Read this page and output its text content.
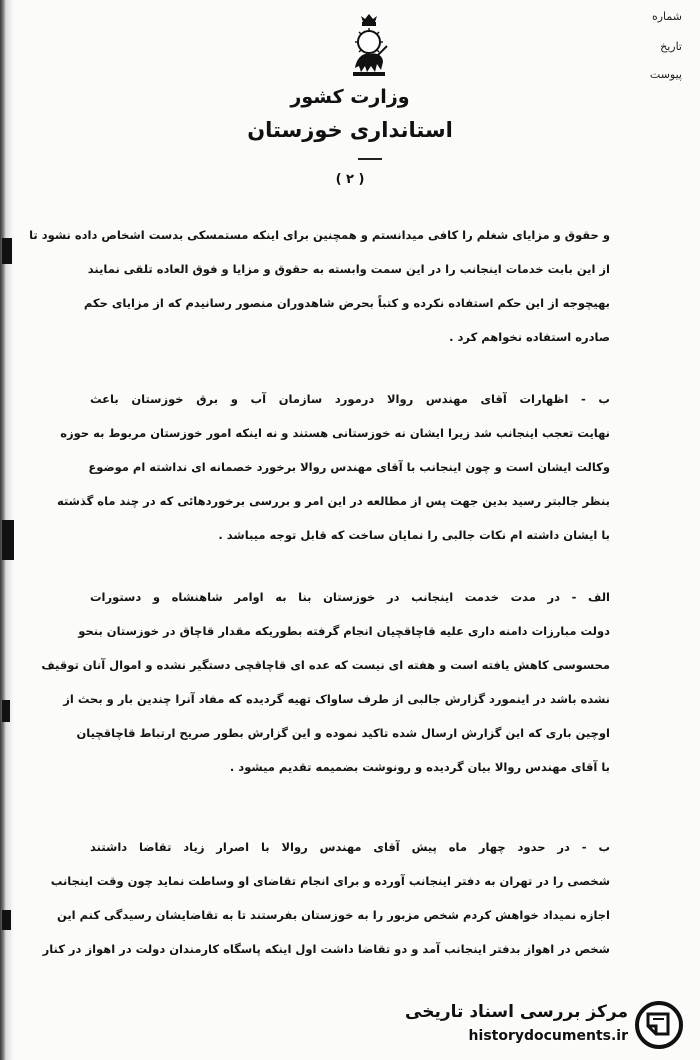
شماره
تاریخ
پیوست
وزارت کشور
استانداری خوزستان
( ۲ )
و حقوق و مزایای شغلم را کافی میدانستم و همچنین برای اینکه مستمسکی بدست اشخاص داده نشود تا
از این بابت خدمات اینجانب را در این سمت وابسته به حقوق و مزایا و فوق العاده تلقی نمایند
بهیچوجه از این حکم استفاده نکرده و کتباً بحرض شاهدوران منصور رسانیدم که از مزایای حکم
صادره استفاده نخواهم کرد .
ب - اظهارات آقای مهندس روالا درمورد سازمان آب و برق خوزستان باعث
نهایت تعجب اینجانب شد زیرا ایشان نه خوزستانی هستند و نه اینکه امور خوزستان مربوط به حوزه
وکالت ایشان است و چون اینجانب با آقای مهندس روالا برخورد خصمانه ای نداشته ام موضوع
بنظر جالبتر رسید بدین جهت پس از مطالعه در این امر و بررسی برخوردهائی که در چند ماه گذشته
با ایشان داشته ام نکات جالبی را نمایان ساخت که قابل توجه میباشد .
الف - در مدت خدمت اینجانب در خوزستان بنا به اوامر شاهنشاه و دستورات
دولت مبارزات دامنه داری علیه قاچاقچیان انجام گرفته بطوریکه مقدار قاچاق در خوزستان بنحو
محسوسی کاهش یافته است و هفته ای نیست که عده ای قاچاقچی دستگیر نشده و اموال آنان توقیف
نشده باشد در اینمورد گزارش جالبی از طرف ساواک تهیه گردیده که مفاد آنرا چندین بار و بحث از
اوچین باری که این گزارش ارسال شده تاکید نموده و این گزارش بطور صریح ارتباط قاچاقچیان
با آقای مهندس روالا بیان گردیده و رونوشت بضمیمه تقدیم میشود .
ب - در حدود چهار ماه پیش آقای مهندس روالا با اصرار زیاد تقاضا داشتند
شخصی را در تهران به دفتر اینجانب آورده و برای انجام تقاضای او وساطت نماید چون وقت اینجانب
اجازه نمیداد خواهش کردم شخص مزبور را به خوزستان بفرستند تا به تقاضایشان رسیدگی کنم این
شخص در اهواز بدفتر اینجانب آمد و دو تقاضا داشت اول اینکه پاسگاه کارمندان دولت در اهواز در کنار
مرکز بررسی اسناد تاریخی
historydocuments.ir
